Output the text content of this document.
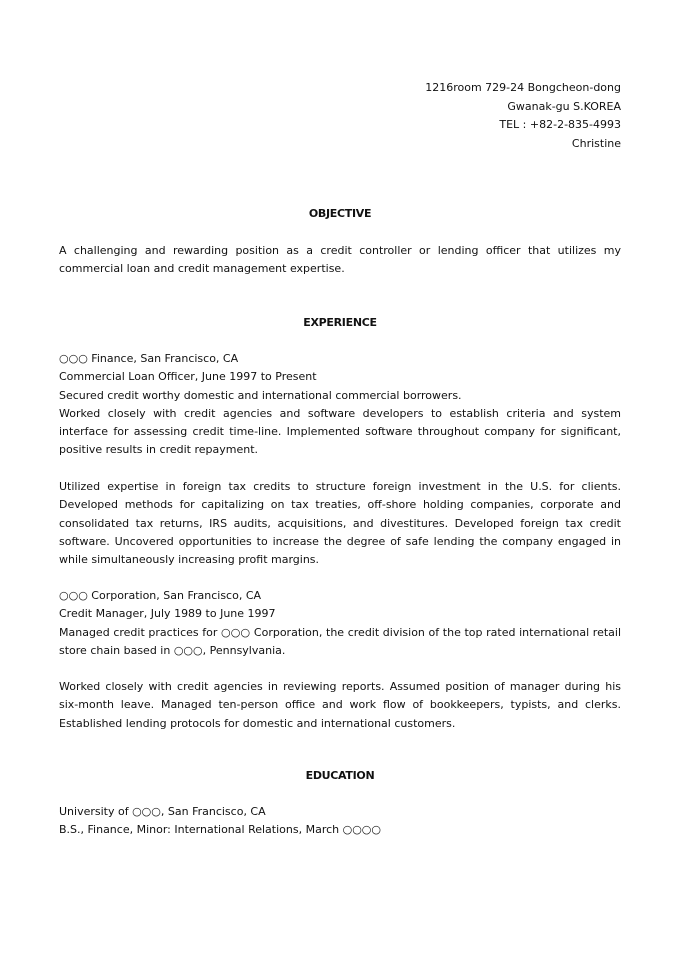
1216room 729-24 Bongcheon-dong
Gwanak-gu S.KOREA
TEL : +82-2-835-4993
Christine
OBJECTIVE
A challenging and rewarding position as a credit controller or lending officer that utilizes my commercial loan and credit management expertise.
EXPERIENCE
○○○ Finance, San Francisco, CA
Commercial Loan Officer, June 1997 to Present
Secured credit worthy domestic and international commercial borrowers.

Worked closely with credit agencies and software developers to establish criteria and system interface for assessing credit time-line. Implemented software throughout company for significant, positive results in credit repayment.

Utilized expertise in foreign tax credits to structure foreign investment in the U.S. for clients. Developed methods for capitalizing on tax treaties, off-shore holding companies, corporate and consolidated tax returns, IRS audits, acquisitions, and divestitures. Developed foreign tax credit software. Uncovered opportunities to increase the degree of safe lending the company engaged in while simultaneously increasing profit margins.
○○○ Corporation, San Francisco, CA
Credit Manager, July 1989 to June 1997

Managed credit practices for ○○○ Corporation, the credit division of the top rated international retail store chain based in ○○○, Pennsylvania.

Worked closely with credit agencies in reviewing reports. Assumed position of manager during his six-month leave. Managed ten-person office and work flow of bookkeepers, typists, and clerks. Established lending protocols for domestic and international customers.
EDUCATION
University of ○○○, San Francisco, CA
B.S., Finance, Minor: International Relations, March ○○○○
